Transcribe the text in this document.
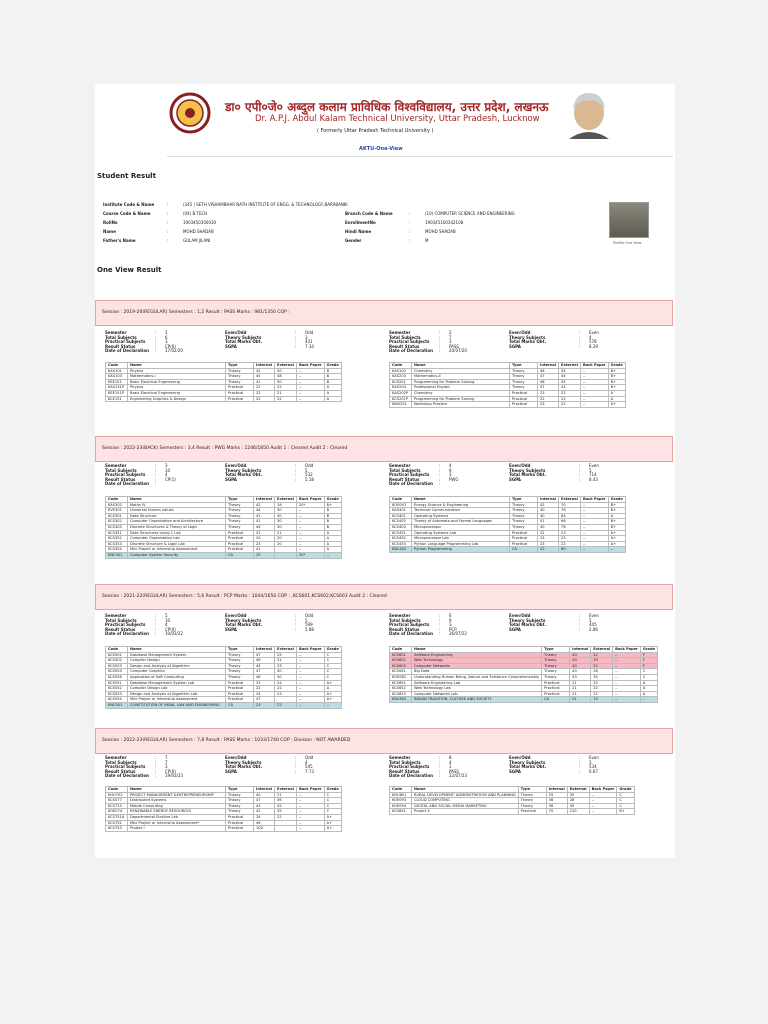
डा० एपी०जे० अब्दुल कलाम प्राविधिक विश्वविद्यालय, उत्तर प्रदेश, लखनऊ
Dr. A.P.J. Abdul Kalam Technical University, Uttar Pradesh, Lucknow
( Formerly Uttar Pradesh Technical University )
AKTU-One-View
Student Result
Institute Code & Name	:	(345 ) SETH VISHAMBHAR NATH INSTITUTE OF ENGG. & TECHNOLOGY,BARABANKI
Course Code & Name	:	(04) B.TECH
RollNo	:	1903450100030
Name	:	MOHD SHADAB
Father's Name	:	GULAM JILANI
Branch Code & Name	:	(10) COMPUTER SCIENCE AND ENGINEERING
EnrollmentNo	:	190345100342108
Hindi Name	:	MOHD SHADAB
Gender	:	M	Profile One View
One View Result
Session : 2019-20(REGULAR) Semesters : 1,2 Result : PASS Marks : 981/1350 COP :
Semester	:	1	Even/Odd	:	Odd
Total Subjects	:	6	Theory Subjects	:	3
Practical Subjects	:	3	Total Marks Obt.	:	431
Result Status	:	CP(0)	SGPA	:	7.34
Date of Declaration	:	17/02/20
Code	Name	Type	Internal	External	Back Paper	Grade
KAS101	Physics	Theory	42	50	--	B
KAS103	Mathematics-I	Theory	44	48	--	B
KEE101	Basic Electrical Engineering	Theory	41	50	--	B
KAS151P	Physics	Practical	22	22	--	A
KEE151P	Basic Electrical Engineering	Practical	22	21	--	A
KCE151	Engineering Graphics & Design	Practical	22	22	--	A
Semester	:	2	Even/Odd	:	Even
Total Subjects	:	7	Theory Subjects	:	4
Practical Subjects	:	3	Total Marks Obt.	:	578
Result Status	:	PASS	SGPA	:	8.29
Date of Declaration	:	20/07/20
Code	Name	Type	Internal	External	Back Paper	Grade
KAS102	Chemistry	Theory	46	44	--	B+
KAS203	Mathematics-II	Theory	47	44	--	B+
KCS201	Programming for Problem Solving	Theory	46	45	--	B+
KAS204	Professional English	Theory	47	44	--	B+
KAS202P	Chemistry	Practical	23	22	--	A
KCS201P	Programming for Problem Solving	Practical	22	22	--	A
KWS251	Workshop Practice	Practical	23	22	--	A+
Session : 2022-23(BACK) Semesters : 3,4 Result : PWG Marks : 1246/1850 Audit 1 : Cleared Audit 2 : Cleared
Semester	:	3	Even/Odd	:	Odd
Total Subjects	:	10	Theory Subjects	:	5
Practical Subjects	:	4	Total Marks Obt.	:	532
Result Status	:	CP(1)	SGPA	:	5.18
Date of Declaration	:
Code	Name	Type	Internal	External	Back Paper	Grade
KAS302	Maths IV	Theory	42	18	20*	B+
KVE301	Universal Human values	Theory	44	30	--	B
KCS301	Data Structure	Theory	41	30	--	B
KCS302	Computer Organization and Architecture	Theory	41	30	--	B
KCS303	Discrete Structures & Theory of Logic	Theory	44	30	--	B
KCS351	Data Structures Using C Lab	Practical	21	21	--	A
KCS352	Computer Organization Lab	Practical	20	20	--	A
KCS353	Discrete Structure & Logic Lab	Practical	23	20	--	A
KCS354	Mini Project or Internship Assessment	Practical	41		--	A
KNC301	Computer System Security	CA	25		20*	--
Semester	:	4	Even/Odd	:	Even
Total Subjects	:	9	Theory Subjects	:	5
Practical Subjects	:	3	Total Marks Obt.	:	714
Result Status	:	PWG	SGPA	:	8.43
Date of Declaration	:
Code	Name	Type	Internal	External	Back Paper	Grade
KOE043	Energy Science & Engineering	Theory	42	70	--	B+
KAS401	Technical Communication	Theory	40	76	--	B+
KCS401	Operating Systems	Theory	40	84	--	A
KCS402	Theory of Automata and Formal Languages	Theory	41	66	--	B+
KCS403	Microprocessor	Theory	40	76	--	B+
KCS451	Operating Systems Lab	Practical	22	23	--	A+
KCS452	Microprocessor Lab	Practical	23	23	--	A+
KCS453	Python Language Programming Lab	Practical	23	22	--	A+
KNC402	Python Programming	CA	22	60	--	--
Session : 2021-22(REGULAR) Semesters : 5,6 Result : PCP Marks : 1044/1650 COP : ,KCS601,KCS602,KCS603 Audit 2 : Cleared
Semester	:	5	Even/Odd	:	Odd
Total Subjects	:	10	Theory Subjects	:	5
Practical Subjects	:	4	Total Marks Obt.	:	599
Result Status	:	CP(0)	SGPA	:	5.88
Date of Declaration	:	10/03/22
Code	Name	Type	Internal	External	Back Paper	Grade
KCS501	Database Management System	Theory	47	25	--	C
KCS502	Compiler Design	Theory	46	31	--	C
KCS503	Design and Analysis of Algorithm	Theory	44	33	--	C
KCS053	Computer Graphics	Theory	47	40	--	C
KCS056	Application of Soft Computing	Theory	48	30	--	C
KCS551	Database Management System Lab	Practical	23	24	--	A+
KCS552	Compiler Design Lab	Practical	22	22	--	A
KCS553	Design and Analysis of Algorithm Lab	Practical	24	23	--	A+
KCS554	Mini Project or Internship Assessment	Practical	47		--	A+
KNC501	CONSTITUTION OF INDIA, LAW AND ENGINEERING	CA	23	22	--	--
Semester	:	6	Even/Odd	:	Even
Total Subjects	:	9	Theory Subjects	:	5
Practical Subjects	:	3	Total Marks Obt.	:	445
Result Status	:	PCP	SGPA	:	2.86
Date of Declaration	:	26/07/22
Code	Name	Type	Internal	External	Back Paper	Grade
KCS601	Software Engineering	Theory	40	22	--	F
KCS602	Web Technology	Theory	40	19	--	F
KCS603	Computer Networks	Theory	40	22	--	F
KCS061	Big Data	Theory	40	26	--	C
KOE062	Understanding Human Being, Nature and Existence Comprehensively	Theory	43	35	--	C
KCS651	Software Engineering Lab	Practical	21	22	--	A
KCS652	Web Technology Lab	Practical	21	22	--	A
KCS653	Computer Networks Lab	Practical	21	22	--	A
KNC602	INDIAN TRADITION, CULTURE AND SOCIETY	CA	21	15	--	--
Session : 2022-23(REGULAR) Semesters : 7,8 Result : PASS Marks : 1033/1740 COP : Division : NOT AWARDED
Semester	:	7	Even/Odd	:	Odd
Total Subjects	:	7	Theory Subjects	:	4
Practical Subjects	:	3	Total Marks Obt.	:	545
Result Status	:	CP(0)	SGPA	:	7.73
Date of Declaration	:	19/03/23
Code	Name	Type	Internal	External	Back Paper	Grade
KHU702	PROJECT MANAGEMENT &ENTREPRENEURSHIP	Theory	40	21	--	C
KCS077	Distributed Systems	Theory	47	36	--	C
KCS713	Mobile Computing	Theory	43	42	--	C
KOE074	RENEWABLE ENERGY RESOURCES	Theory	42	35	--	C
KCS751A	Departmental Elective Lab	Practical	24	22	--	A+
KCS752	Mini Project or Internship Assessment*	Practical	46		--	A+
KCS753	Project I	Practical	100		--	A+
Semester	:	8	Even/Odd	:	Even
Total Subjects	:	4	Theory Subjects	:	3
Practical Subjects	:	1	Total Marks Obt.	:	534
Result Status	:	PASS	SGPA	:	6.67
Date of Declaration	:	22/07/23
Code	Name	Type	Internal	External	Back Paper	Grade
KHU801	RURAL DEVELOPMENT: ADMINISTRATION AND PLANNING	Theory	25	35	--	C
KOE093	CLOUD COMPUTING	Theory	36	28	--	C
KOE094	DIGITAL AND SOCIAL MEDIA MARKETING	Theory	36	49	--	C
KCS851	Project II	Practical	70	210	--	B+
